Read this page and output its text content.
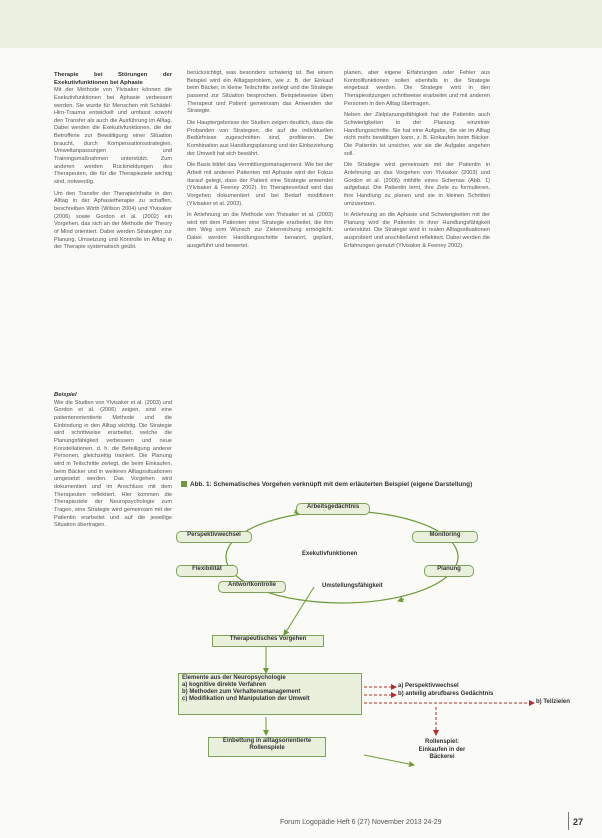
Therapie bei Störungen der Exekutivfunktionen bei Aphasie

Mit der Methode von Ylvisaker können die Exekutivfunktionen bei Aphasie verbessert werden. Sie wurde für Menschen mit Schädel-Hirn-Trauma entwickelt und umfasst sowohl den Transfer als auch die Ausführung im Alltag. Dabei werden die Exekutivfunktionen, die der Betroffene zur Bewältigung einer Situation braucht, durch Kompensationsstrategien, Umweltanpassungen und Trainingsmaßnahmen unterstützt. Zum anderen werden Rückmeldungen des Therapeuten, die für die Therapieziele wichtig sind, notwendig.

Um den Transfer der Therapieinhalte in den Alltag in der Aphasietherapie zu schaffen, beschreiben Wirth (Wilson 2004) und Ylvisaker (2006) sowie Gordon et al. (2002) ein Vorgehen, das sich an der Methode der Theory of Mind orientiert. Dabei werden Strategien zur Planung, Umsetzung und Kontrolle im Alltag in der Therapie systematisch geübt.

Beispiel

Wie die Studien von Ylvisaker et al. (2003) und Gordon et al. (2006) zeigen, sind eine patientenorientierte Methode und die Einbindung in den Alltag wichtig. Die Strategie wird schrittweise erarbeitet, welche die Planungsfähigkeit verbessern und neue Konstellationen, d. h. die Beteiligung anderer Personen, gleichzeitig trainiert. Die Planung wird in Teilschritte zerlegt, die beim Einkaufen, beim Bäcker und in weiteren Alltagssituationen umgesetzt werden. Das Vorgehen wird dokumentiert und im Anschluss mit dem Therapeuten reflektiert. Hier kommen die Therapieziele der Neuropsychologie zum Tragen, eine Strategie wird gemeinsam mit der Patientin erarbeitet und auf die jeweilige Situation übertragen.

berücksichtigt, was besonders schwierig ist. Bei einem Beispiel wird ein Alltagsproblem, wie z. B. der Einkauf beim Bäcker, in kleine Teilschritte zerlegt und die Strategie passend zur Situation besprochen. Beispielsweise üben Therapeut und Patient gemeinsam das Anwenden der Strategie.

Die Hauptergebnisse der Studien zeigen deutlich, dass die Probanden von Strategien, die auf die individuellen Bedürfnisse zugeschnitten sind, profitieren. Die Kombination aus Handlungsplanung und der Einbeziehung der Umwelt hat sich bewährt.

Die Basis bildet das Vermittlungsmanagement. Wie bei der Arbeit mit anderen Patienten mit Aphasie wird der Fokus darauf gelegt, dass der Patient eine Strategie anwendet (Ylvisaker & Feeney 2002). Im Therapieverlauf wird das Vorgehen dokumentiert und bei Bedarf modifiziert (Ylvisaker et al. 2003).

In Anlehnung an die Methode von Ylvisaker et al. (2003) wird mit dem Patienten eine Strategie erarbeitet, die ihm den Weg vom Wunsch zur Zielerreichung ermöglicht. Dabei werden Handlungsschritte benannt, geplant, ausgeführt und bewertet.

planen, aber eigene Erfahrungen oder Fehler aus Kontrollfunktionen sollen ebenfalls in die Strategie eingebaut werden. Die Strategie wird in den Therapiesitzungen schrittweise erarbeitet und mit anderen Personen in den Alltag übertragen.

Neben der Zielplanungsfähigkeit hat die Patientin auch Schwierigkeiten in der Planung einzelner Handlungsschritte. Sie hat eine Aufgabe, die sie im Alltag nicht mehr bewältigen kann, z. B. Einkaufen beim Bäcker. Die Patientin ist unsicher, wie sie die Aufgabe angehen soll.

Die Strategie wird gemeinsam mit der Patientin in Anlehnung an das Vorgehen von Ylvisaker (2003) und Gordon et al. (2006) mithilfe eines Schemas (Abb. 1) aufgebaut. Die Patientin lernt, ihre Ziele zu formulieren, ihre Handlung zu planen und sie in kleinen Schritten umzusetzen.

In Anlehnung an die Aphasie und Schwierigkeiten mit der Planung wird die Patientin in ihrer Handlungsfähigkeit unterstützt. Die Strategie wird in realen Alltagssituationen ausprobiert und anschließend reflektiert. Dabei werden die Erfahrungen genutzt (Ylvisaker & Feeney 2002).

Abb. 1: Schematisches Vorgehen verknüpft mit dem erläuterten Beispiel (eigene Darstellung)
Arbeitsgedächtnis
Perspektivwechsel	Monitoring
Exekutivfunktionen
Flexibilität	Planung
Antwortkontrolle	Umstellungsfähigkeit
Therapeutisches Vorgehen
Elemente aus der Neuropsychologie
a) kognitive direkte Verfahren
b) Methoden zum Verhaltensmanagement
c) Modifikation und Manipulation der Umwelt
a) Perspektivwechsel
b) anteilig abrufbares Gedächtnis
b) Teilzielen
Einbettung in alltagsorientierte Rollenspiele
Rollenspiel: Einkaufen in der Bäckerei
Forum Logopädie Heft 6 (27) November 2013 24-29	27
